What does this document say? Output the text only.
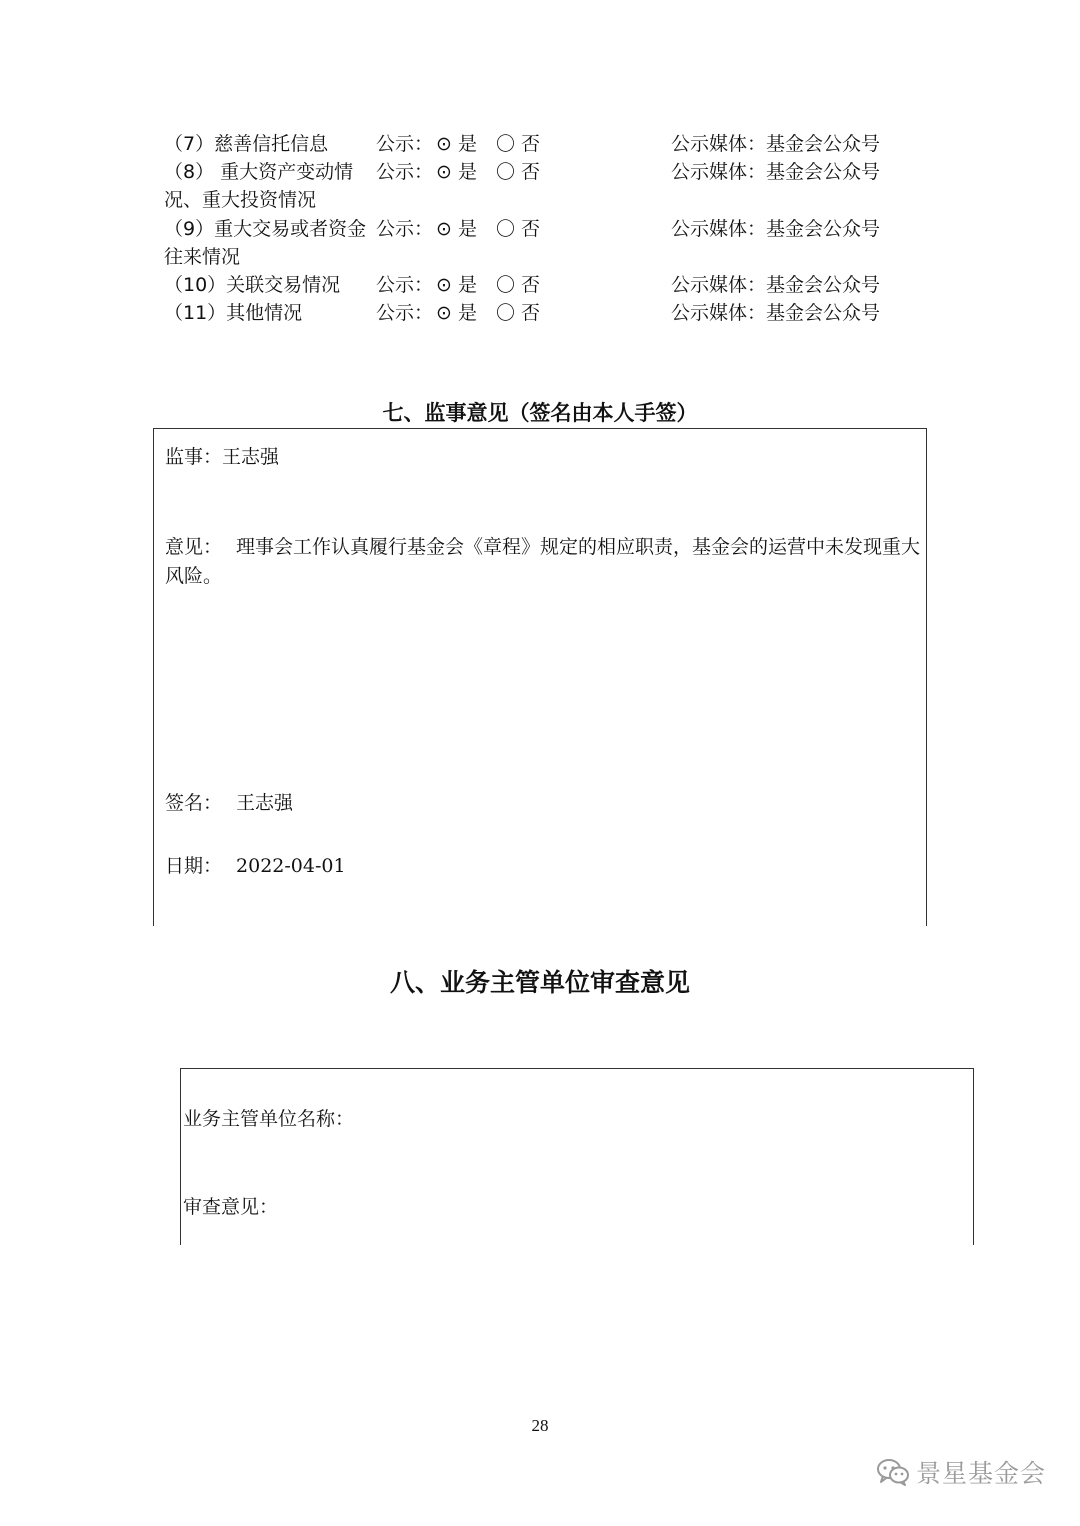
（7）慈善信托信息	公示： ⊙ 是 〇 否	公示媒体：基金会公众号
（8） 重大资产变动情 公示： ⊙ 是 〇 否	公示媒体：基金会公众号
况、重大投资情况
（9）重大交易或者资金 公示： ⊙ 是 〇 否	公示媒体：基金会公众号
往来情况
（10）关联交易情况 公示： ⊙ 是 〇 否	公示媒体：基金会公众号
（11）其他情况	公示： ⊙ 是 〇 否	公示媒体：基金会公众号
七、监事意见（签名由本人手签）
监事：王志强
意见： 理事会工作认真履行基金会《章程》规定的相应职责，基金会的运营中未发现重大风险。
签名： 王志强
日期： 2022-04-01
八、业务主管单位审查意见
业务主管单位名称：
审查意见：
28
景星基金会
